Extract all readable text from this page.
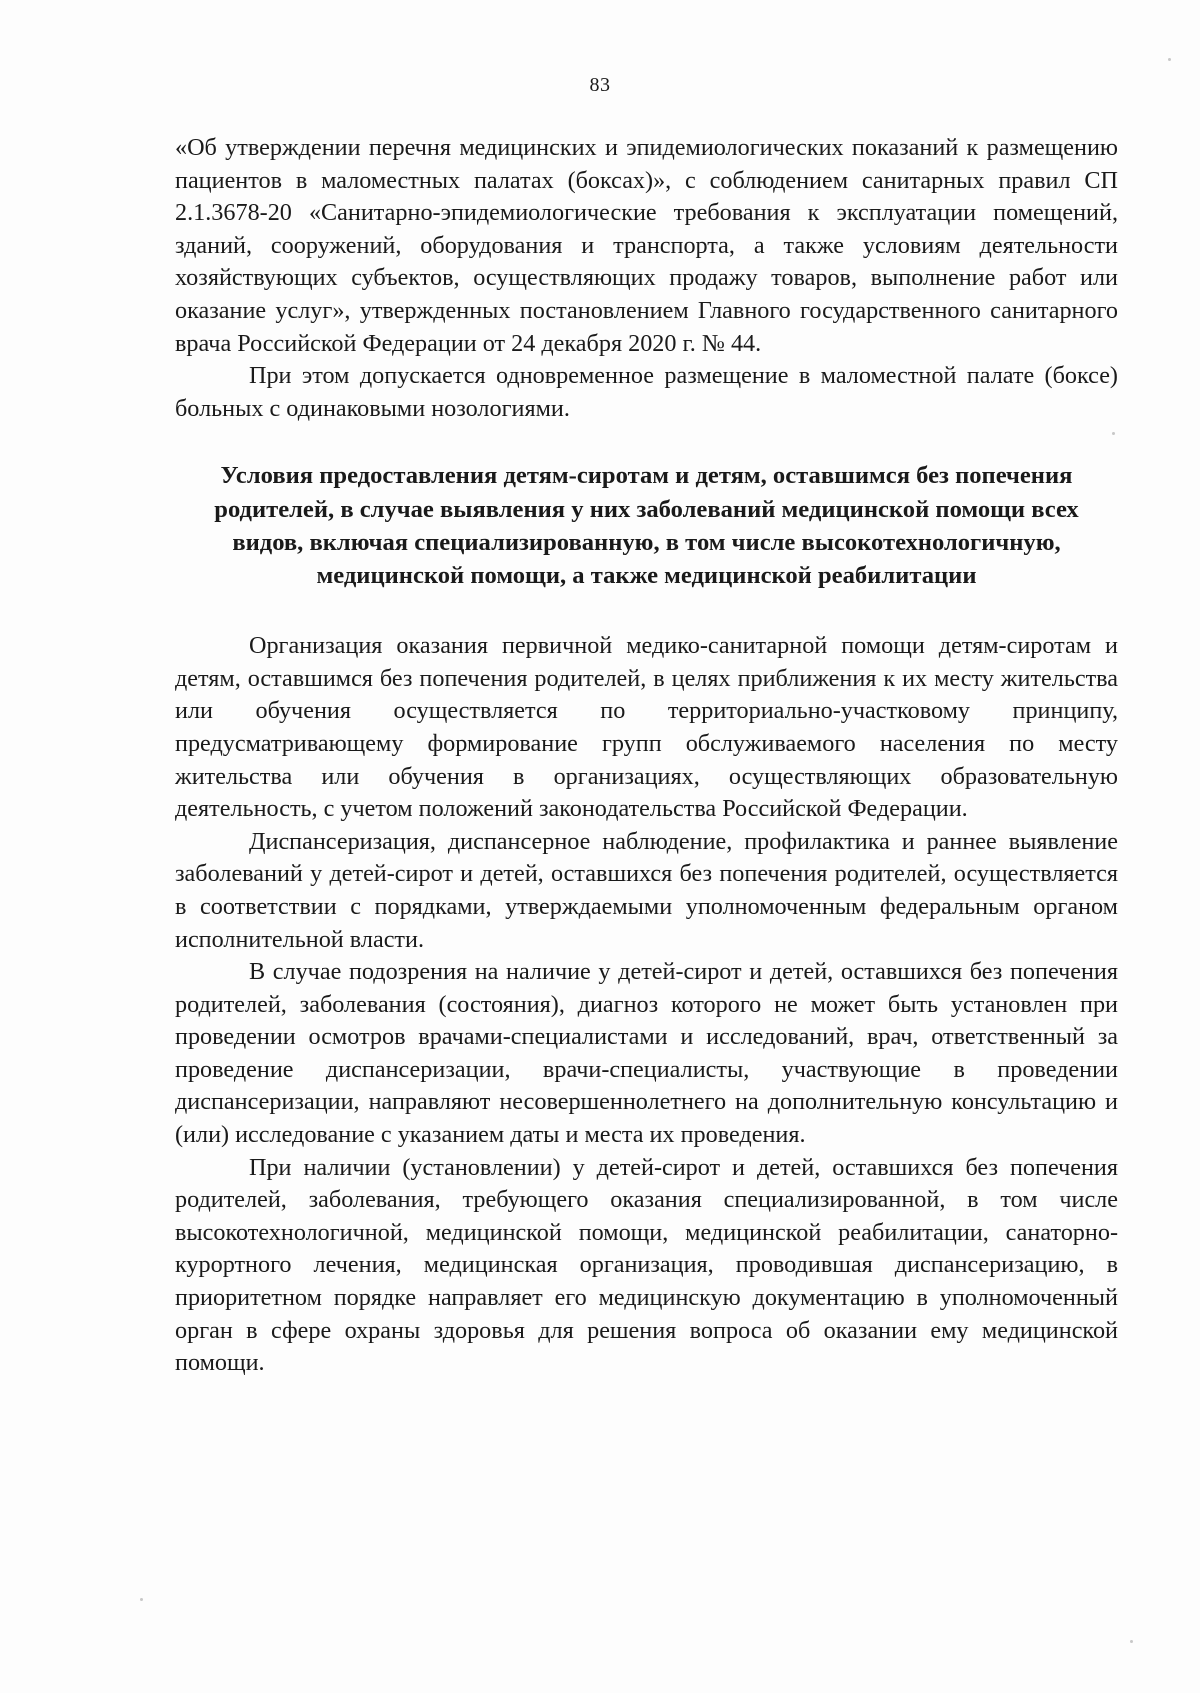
83

«Об утверждении перечня медицинских и эпидемиологических показаний к размещению пациентов в маломестных палатах (боксах)», с соблюдением санитарных правил СП 2.1.3678-20 «Санитарно-эпидемиологические требования к эксплуатации помещений, зданий, сооружений, оборудования и транспорта, а также условиям деятельности хозяйствующих субъектов, осуществляющих продажу товаров, выполнение работ или оказание услуг», утвержденных постановлением Главного государственного санитарного врача Российской Федерации от 24 декабря 2020 г. № 44.

При этом допускается одновременное размещение в маломестной палате (боксе) больных с одинаковыми нозологиями.

Условия предоставления детям-сиротам и детям, оставшимся без попечения родителей, в случае выявления у них заболеваний медицинской помощи всех видов, включая специализированную, в том числе высокотехнологичную, медицинской помощи, а также медицинской реабилитации

Организация оказания первичной медико-санитарной помощи детям-сиротам и детям, оставшимся без попечения родителей, в целях приближения к их месту жительства или обучения осуществляется по территориально-участковому принципу, предусматривающему формирование групп обслуживаемого населения по месту жительства или обучения в организациях, осуществляющих образовательную деятельность, с учетом положений законодательства Российской Федерации.

Диспансеризация, диспансерное наблюдение, профилактика и раннее выявление заболеваний у детей-сирот и детей, оставшихся без попечения родителей, осуществляется в соответствии с порядками, утверждаемыми уполномоченным федеральным органом исполнительной власти.

В случае подозрения на наличие у детей-сирот и детей, оставшихся без попечения родителей, заболевания (состояния), диагноз которого не может быть установлен при проведении осмотров врачами-специалистами и исследований, врач, ответственный за проведение диспансеризации, врачи-специалисты, участвующие в проведении диспансеризации, направляют несовершеннолетнего на дополнительную консультацию и (или) исследование с указанием даты и места их проведения.

При наличии (установлении) у детей-сирот и детей, оставшихся без попечения родителей, заболевания, требующего оказания специализированной, в том числе высокотехнологичной, медицинской помощи, медицинской реабилитации, санаторно-курортного лечения, медицинская организация, проводившая диспансеризацию, в приоритетном порядке направляет его медицинскую документацию в уполномоченный орган в сфере охраны здоровья для решения вопроса об оказании ему медицинской помощи.
